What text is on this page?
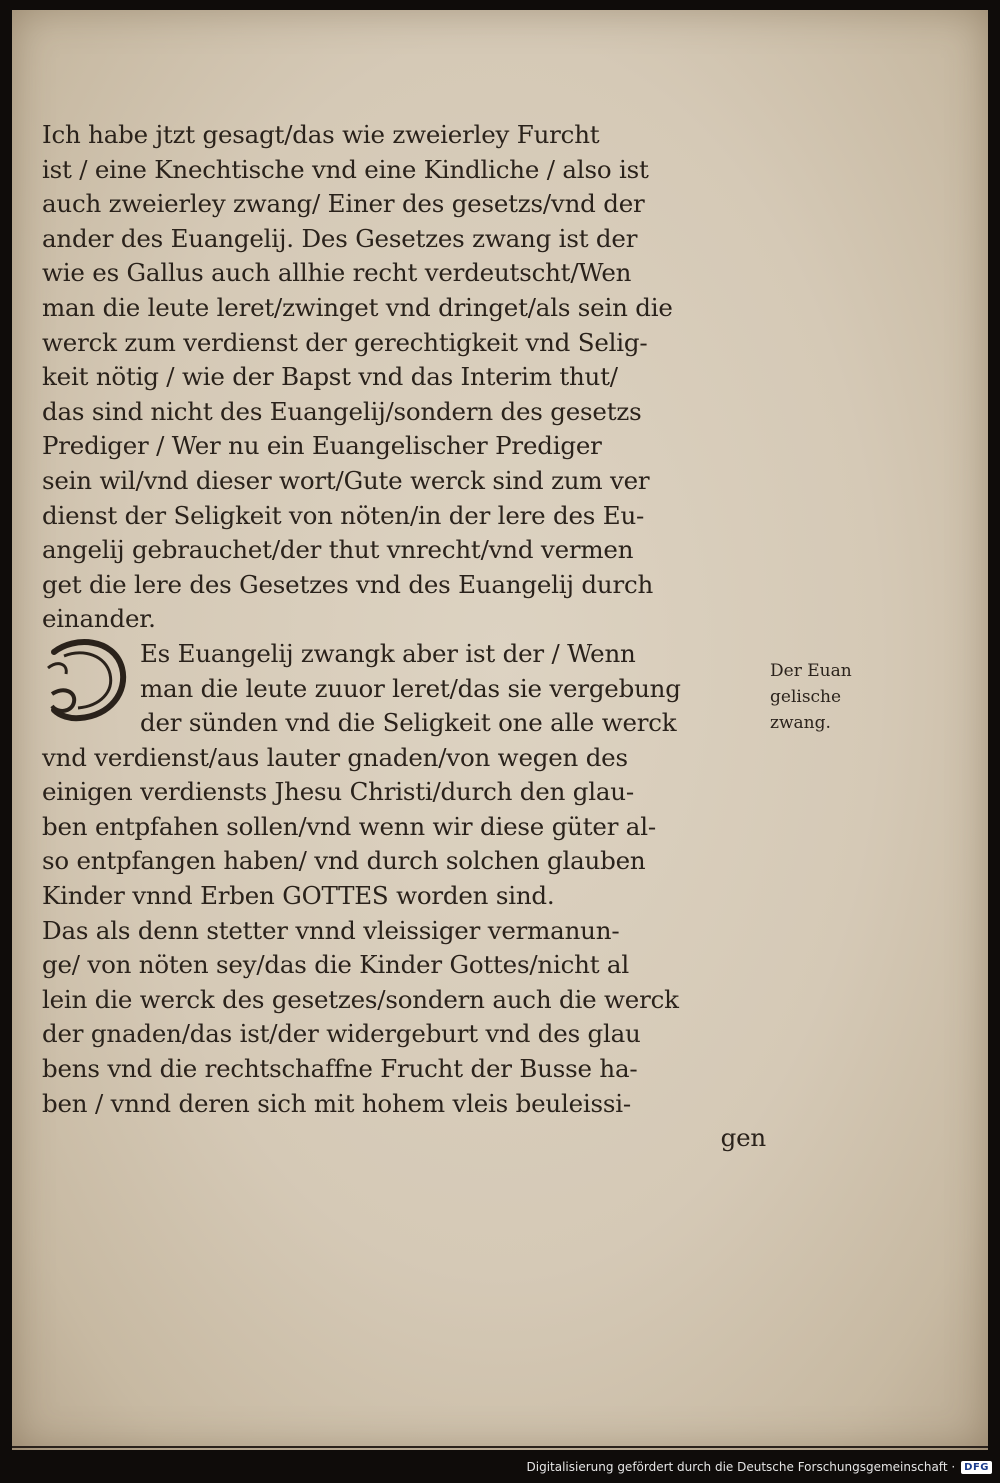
Ich habe jtzt gesagt/das wie zweierley Furcht
ist / eine Knechtische vnd eine Kindliche / also ist
auch zweierley zwang/ Einer des gesetzs/vnd der
ander des Euangelij. Des Gesetzes zwang ist der
wie es Gallus auch allhie recht verdeutscht/Wen
man die leute leret/zwinget vnd dringet/als sein die
werck zum verdienst der gerechtigkeit vnd Selig-
keit nötig / wie der Bapst vnd das Interim thut/
das sind nicht des Euangelij/sondern des gesetzs
Prediger / Wer nu ein Euangelischer Prediger
sein wil/vnd dieser wort/Gute werck sind zum ver
dienst der Seligkeit von nöten/in der lere des Eu-
angelij gebrauchet/der thut vnrecht/vnd vermen
get die lere des Gesetzes vnd des Euangelij durch
einander.
Es Euangelij zwangk aber ist der / Wenn
man die leute zuuor leret/das sie vergebung
der sünden vnd die Seligkeit one alle werck
vnd verdienst/aus lauter gnaden/von wegen des
einigen verdiensts Jhesu Christi/durch den glau-
ben entpfahen sollen/vnd wenn wir diese güter al-
so entpfangen haben/ vnd durch solchen glauben
Kinder vnnd Erben GOTTES worden sind.
Das als denn stetter vnnd vleissiger vermanun-
ge/ von nöten sey/das die Kinder Gottes/nicht al
lein die werck des gesetzes/sondern auch die werck
der gnaden/das ist/der widergeburt vnd des glau
bens vnd die rechtschaffne Frucht der Busse ha-
ben / vnnd deren sich mit hohem vleis beuleissi-
gen
Der Euan
gelische
zwang.
Digitalisierung gefördert durch die Deutsche Forschungsgemeinschaft · DFG
